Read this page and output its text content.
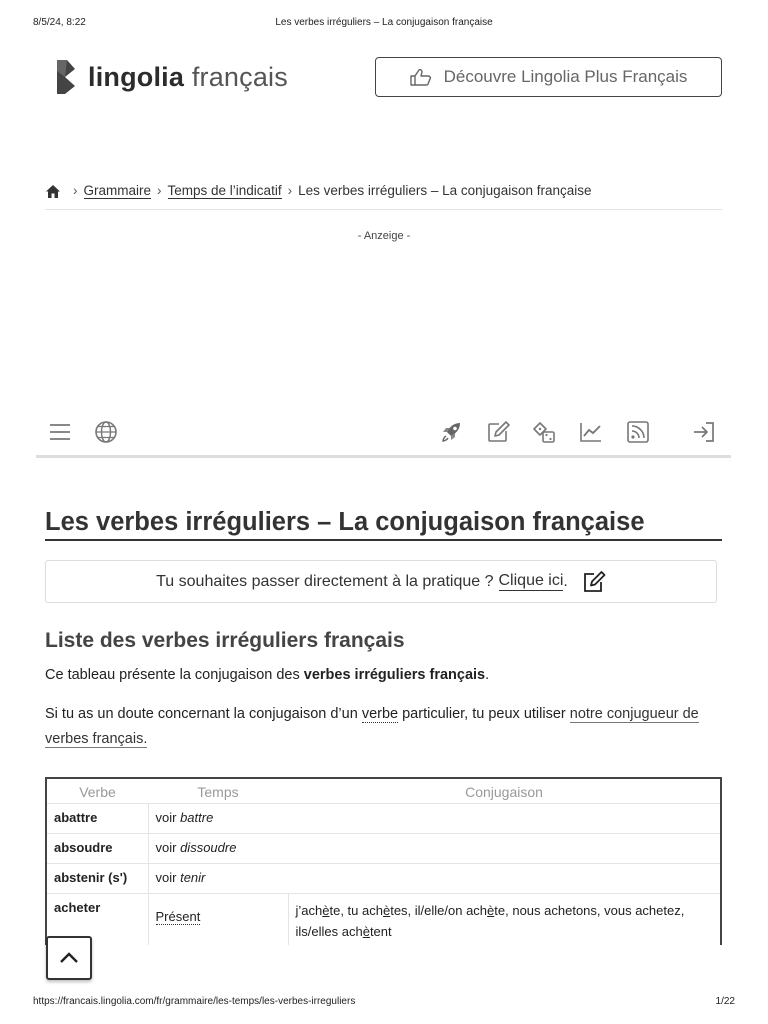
8/5/24, 8:22	Les verbes irréguliers – La conjugaison française
lingolia français	Découvre Lingolia Plus Français
› Grammaire › Temps de l’indicatif › Les verbes irréguliers – La conjugaison française
- Anzeige -
Les verbes irréguliers – La conjugaison française
Tu souhaites passer directement à la pratique ? Clique ici .
Liste des verbes irréguliers français

Ce tableau présente la conjugaison des verbes irréguliers français.

Si tu as un doute concernant la conjugaison d’un verbe particulier, tu peux utiliser notre conjugueur de verbes français.

Verbe	Temps	Conjugaison
abattre	voir battre	
absoudre	voir dissoudre	
abstenir (s')	voir tenir	
acheter	Présent	j’achète, tu achètes, il/elle/on achète, nous achetons, vous achetez, ils/elles achètent
https://francais.lingolia.com/fr/grammaire/les-temps/les-verbes-irreguliers	1/22
